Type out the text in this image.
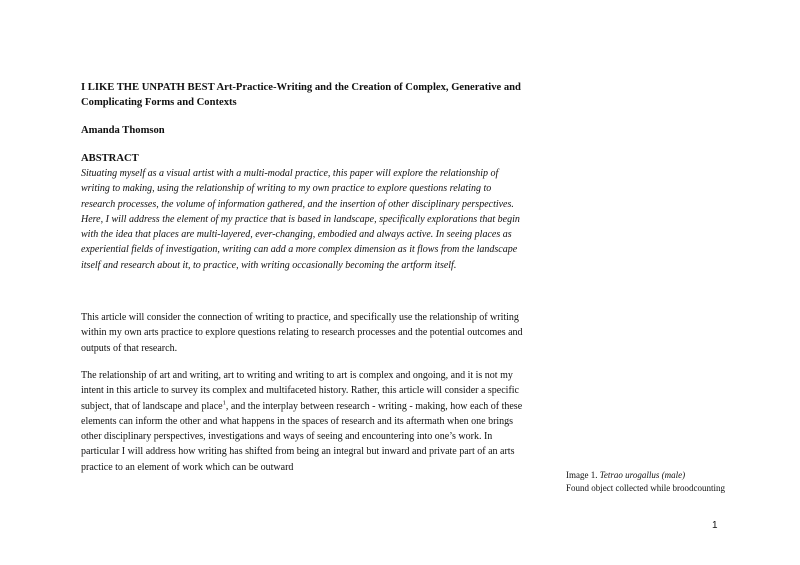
I LIKE THE UNPATH BEST Art-Practice-Writing and the Creation of Complex, Generative and Complicating Forms and Contexts
Amanda Thomson
ABSTRACT
Situating myself as a visual artist with a multi-modal practice, this paper will explore the relationship of writing to making, using the relationship of writing to my own practice to explore questions relating to research processes, the volume of information gathered, and the insertion of other disciplinary perspectives. Here, I will address the element of my practice that is based in landscape, specifically explorations that begin with the idea that places are multi-layered, ever-changing, embodied and always active. In seeing places as experiential fields of investigation, writing can add a more complex dimension as it flows from the landscape itself and research about it, to practice, with writing occasionally becoming the artform itself.
This article will consider the connection of writing to practice, and specifically use the relationship of writing within my own arts practice to explore questions relating to research processes and the potential outcomes and outputs of that research.
The relationship of art and writing, art to writing and writing to art is complex and ongoing, and it is not my intent in this article to survey its complex and multifaceted history. Rather, this article will consider a specific subject, that of landscape and place$^1$, and the interplay between research - writing - making, how each of these elements can inform the other and what happens in the spaces of research and its aftermath when one brings other disciplinary perspectives, investigations and ways of seeing and encountering into one’s work. In particular I will address how writing has shifted from being an integral but inward and private part of an arts practice to an element of work which can be outward
Image 1. Tetrao urogallus (male)
Found object collected while broodcounting
1
